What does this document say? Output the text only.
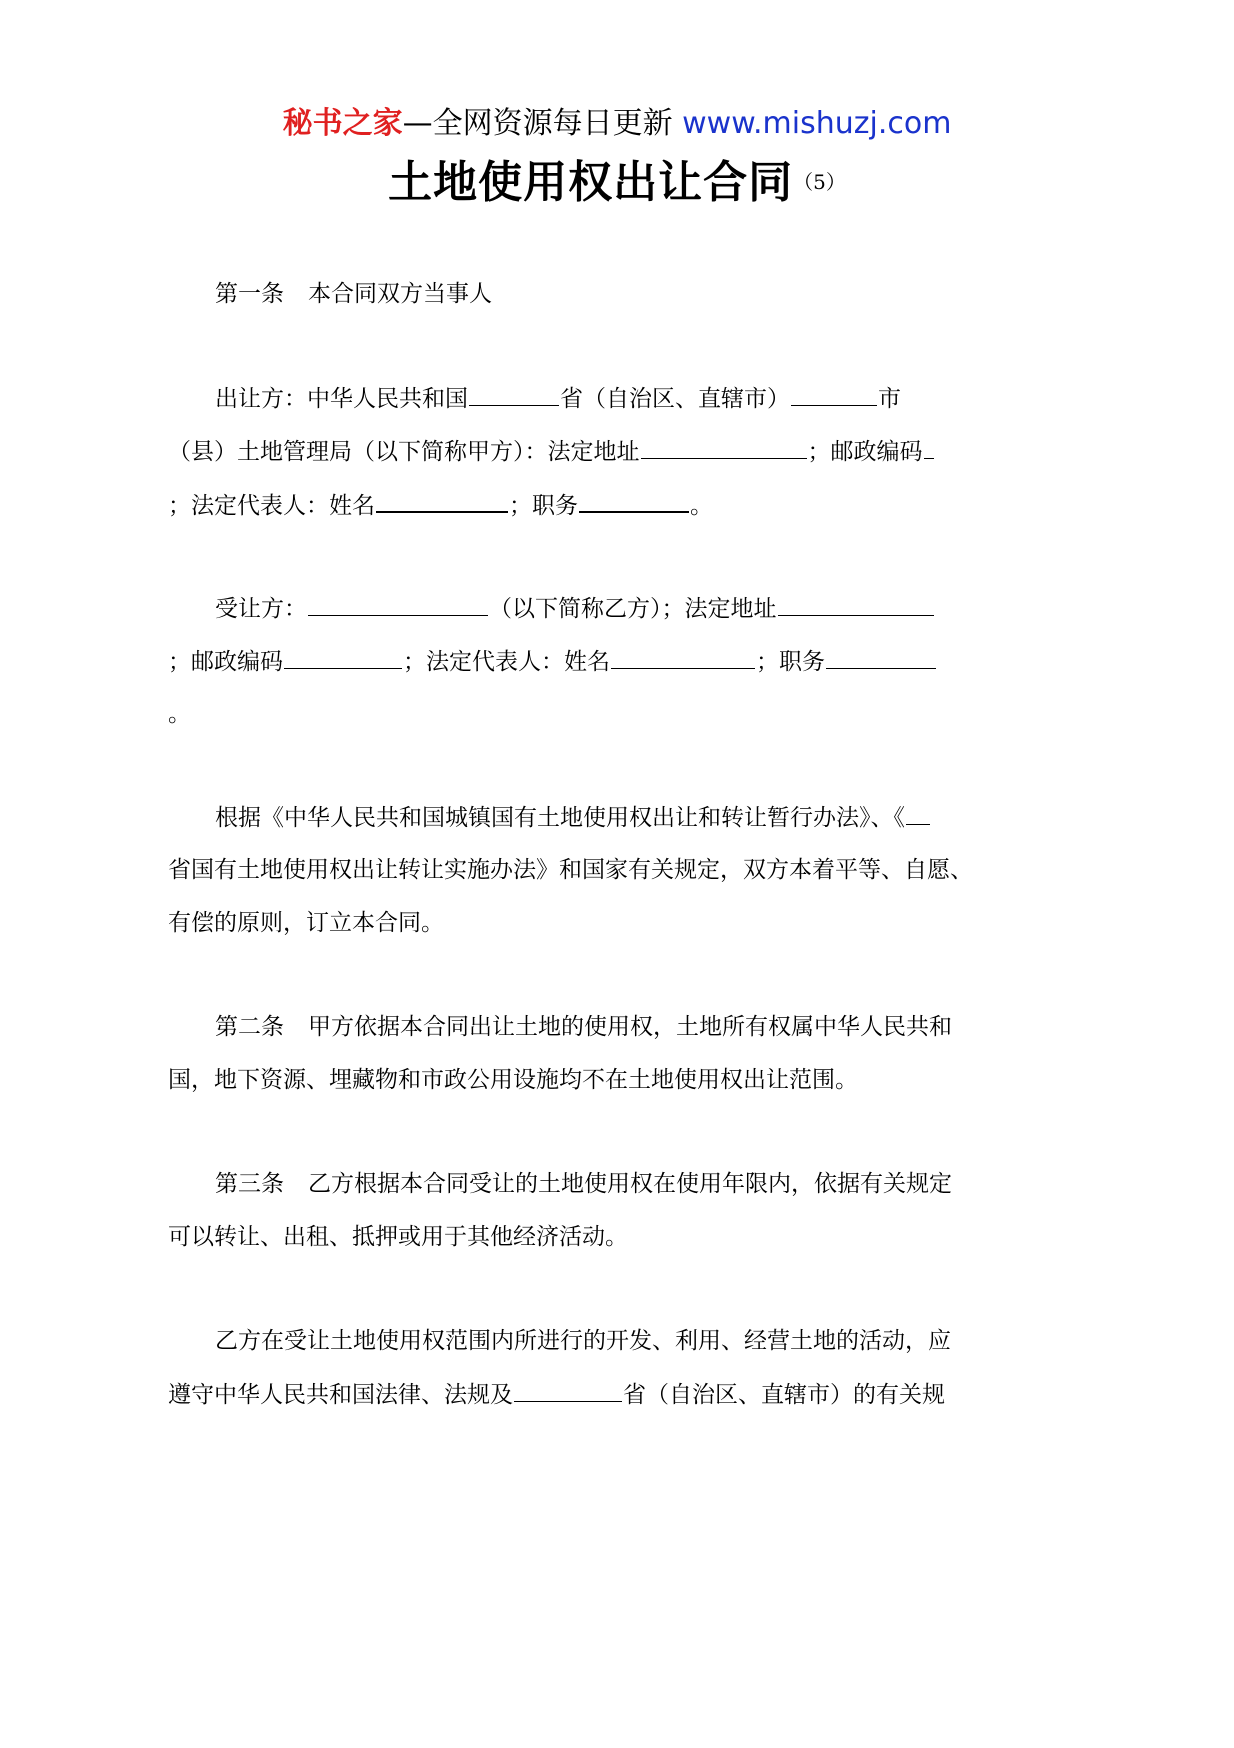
秘书之家—全网资源每日更新 www.mishuzj.com
土地使用权出让合同（5）
第一条 本合同双方当事人
出让方：中华人民共和国	省（自治区、直辖市）	市
（县）土地管理局（以下简称甲方）：法定地址	；邮政编码
；法定代表人：姓名	；职务	。
受让方：	（以下简称乙方）；法定地址
；邮政编码	；法定代表人：姓名	；职务
。
根据《中华人民共和国城镇国有土地使用权出让和转让暂行办法》、《
省国有土地使用权出让转让实施办法》和国家有关规定，双方本着平等、自愿、
有偿的原则，订立本合同。
第二条 甲方依据本合同出让土地的使用权，土地所有权属中华人民共和
国，地下资源、埋藏物和市政公用设施均不在土地使用权出让范围。
第三条 乙方根据本合同受让的土地使用权在使用年限内，依据有关规定
可以转让、出租、抵押或用于其他经济活动。
乙方在受让土地使用权范围内所进行的开发、利用、经营土地的活动，应
遵守中华人民共和国法律、法规及	省（自治区、直辖市）的有关规
